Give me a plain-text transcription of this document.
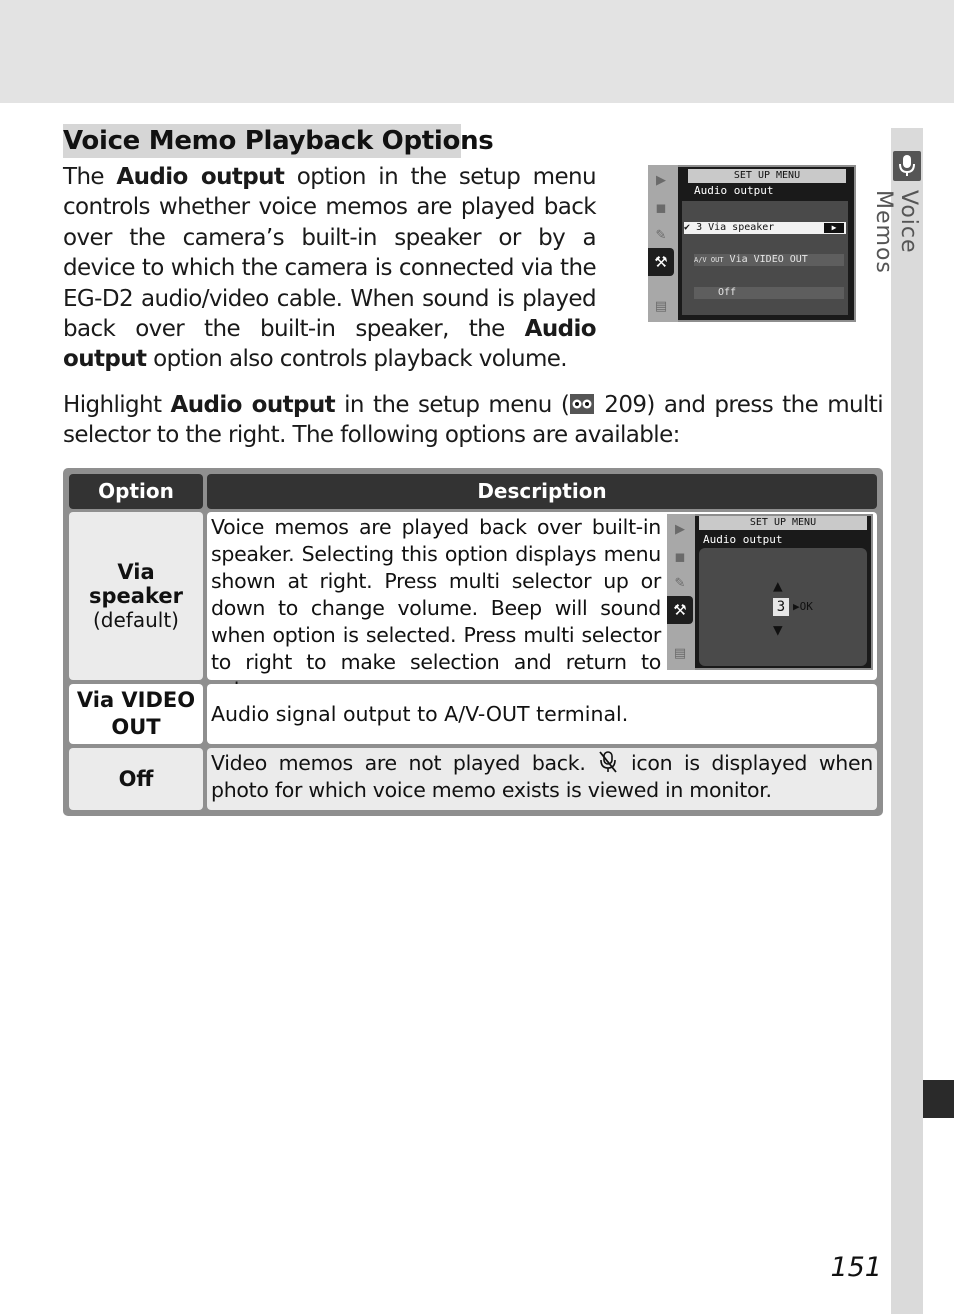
Voice Memos
Voice Memo Playback Options

The Audio output option in the setup menu controls whether voice memos are played back over the camera’s built-in speaker or by a device to which the camera is connected via the EG-D2 audio/video cable. When sound is played back over the built-in speaker, the Audio output option also controls playback volume.

▶
◼
✎
⚒
▤
SET UP MENU
Audio output
✔ 3 Via speaker	▶
A/V OUT Via VIDEO OUT
Off

Highlight Audio output in the setup menu ( 209) and press the multi selector to the right. The following options are available:

Option	Description
Via speaker
(default)
Voice memos are played back over built-in speaker. Selecting this option displays menu shown at right. Press multi selector up or down to change volume. Beep will sound when option is selected. Press multi selector to right to make selection and return to
▶
◼
✎
⚒
▤
SET UP MENU
Audio output
▲
3 ▶OK
▼
Via VIDEO OUT
Audio signal output to A/V-OUT terminal.
Off
Video memos are not played back.  icon is displayed when photo for which voice memo exists is viewed in monitor.
151
